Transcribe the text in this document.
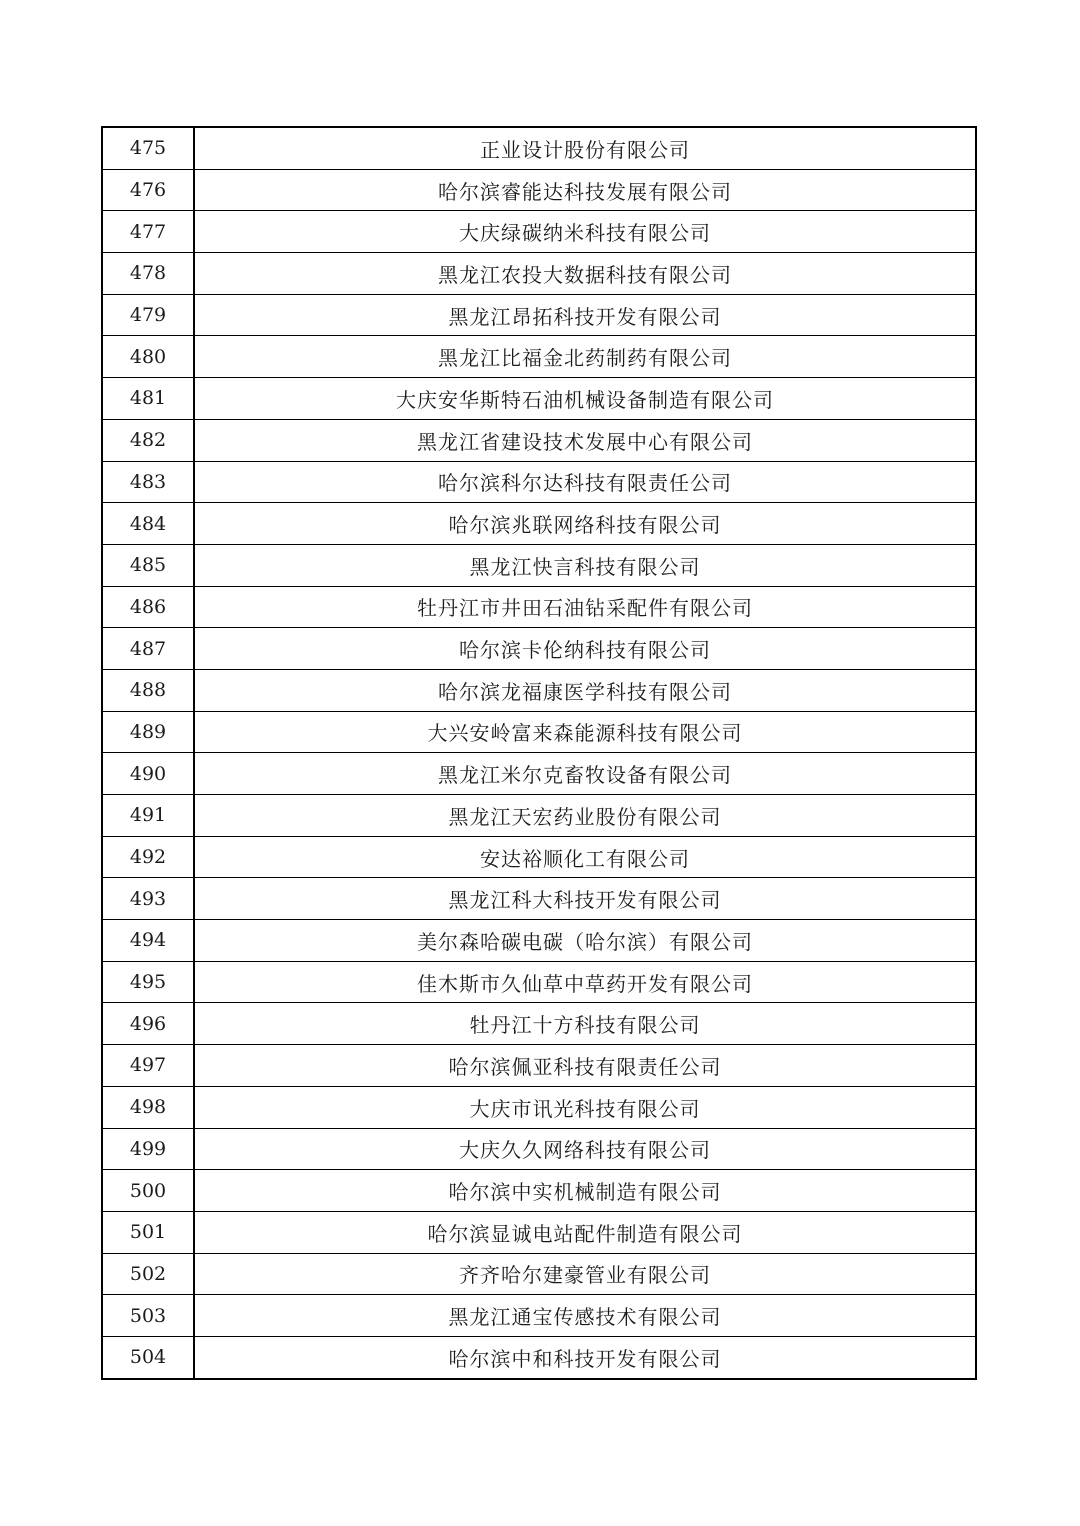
475	正业设计股份有限公司
476	哈尔滨睿能达科技发展有限公司
477	大庆绿碳纳米科技有限公司
478	黑龙江农投大数据科技有限公司
479	黑龙江昂拓科技开发有限公司
480	黑龙江比福金北药制药有限公司
481	大庆安华斯特石油机械设备制造有限公司
482	黑龙江省建设技术发展中心有限公司
483	哈尔滨科尔达科技有限责任公司
484	哈尔滨兆联网络科技有限公司
485	黑龙江快言科技有限公司
486	牡丹江市井田石油钻采配件有限公司
487	哈尔滨卡伦纳科技有限公司
488	哈尔滨龙福康医学科技有限公司
489	大兴安岭富来森能源科技有限公司
490	黑龙江米尔克畜牧设备有限公司
491	黑龙江天宏药业股份有限公司
492	安达裕顺化工有限公司
493	黑龙江科大科技开发有限公司
494	美尔森哈碳电碳（哈尔滨）有限公司
495	佳木斯市久仙草中草药开发有限公司
496	牡丹江十方科技有限公司
497	哈尔滨佩亚科技有限责任公司
498	大庆市讯光科技有限公司
499	大庆久久网络科技有限公司
500	哈尔滨中实机械制造有限公司
501	哈尔滨显诚电站配件制造有限公司
502	齐齐哈尔建豪管业有限公司
503	黑龙江通宝传感技术有限公司
504	哈尔滨中和科技开发有限公司
